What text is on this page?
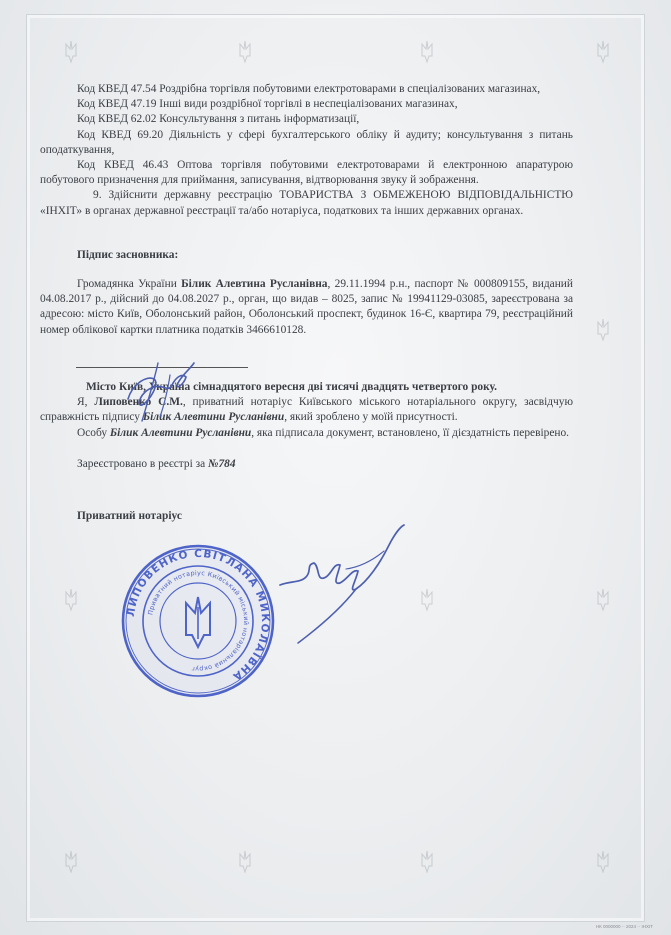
Код КВЕД 47.54 Роздрібна торгівля побутовими електротоварами в спеціалізованих магазинах,

Код КВЕД 47.19 Інші види роздрібної торгівлі в неспеціалізованих магазинах,

Код КВЕД 62.02 Консультування з питань інформатизації,

Код КВЕД 69.20 Діяльність у сфері бухгалтерського обліку й аудиту; консультування з питань оподаткування,

Код КВЕД 46.43 Оптова торгівля побутовими електротоварами й електронною апаратурою побутового призначення для приймання, записування, відтворювання звуку й зображення.

9. Здійснити державну реєстрацію ТОВАРИСТВА З ОБМЕЖЕНОЮ ВІДПОВІДАЛЬНІСТЮ «ІНХІТ» в органах державної реєстрації та/або нотаріуса, податкових та інших державних органах.

Підпис засновника:

Громадянка України Білик Алевтина Русланівна, 29.11.1994 р.н., паспорт № 000809155, виданий 04.08.2017 р., дійсний до 04.08.2027 р., орган, що видав – 8025, запис № 19941129-03085, зареєстрована за адресою: місто Київ, Оболонський район, Оболонський проспект, будинок 16-Є, квартира 79, реєстраційний номер облікової картки платника податків 3466610128.

Місто Київ, Україна сімнадцятого вересня дві тисячі двадцять четвертого року.

Я, Липовенко С.М., приватний нотаріус Київського міського нотаріального округу, засвідчую справжність підпису Білик Алевтини Русланівни, який зроблено у моїй присутності.

Особу Білик Алевтини Русланівни, яка підписала документ, встановлено, її дієздатність перевірено.

Зареєстровано в реєстрі за №784

Приватний нотаріус

ЛИПОВЕНКО СВІТЛАНА МИКОЛАЇВНА
Приватний нотаріус Київський міський нотаріальний округ
НК 0000000 ·· 2024 ·· ІНХІТ
